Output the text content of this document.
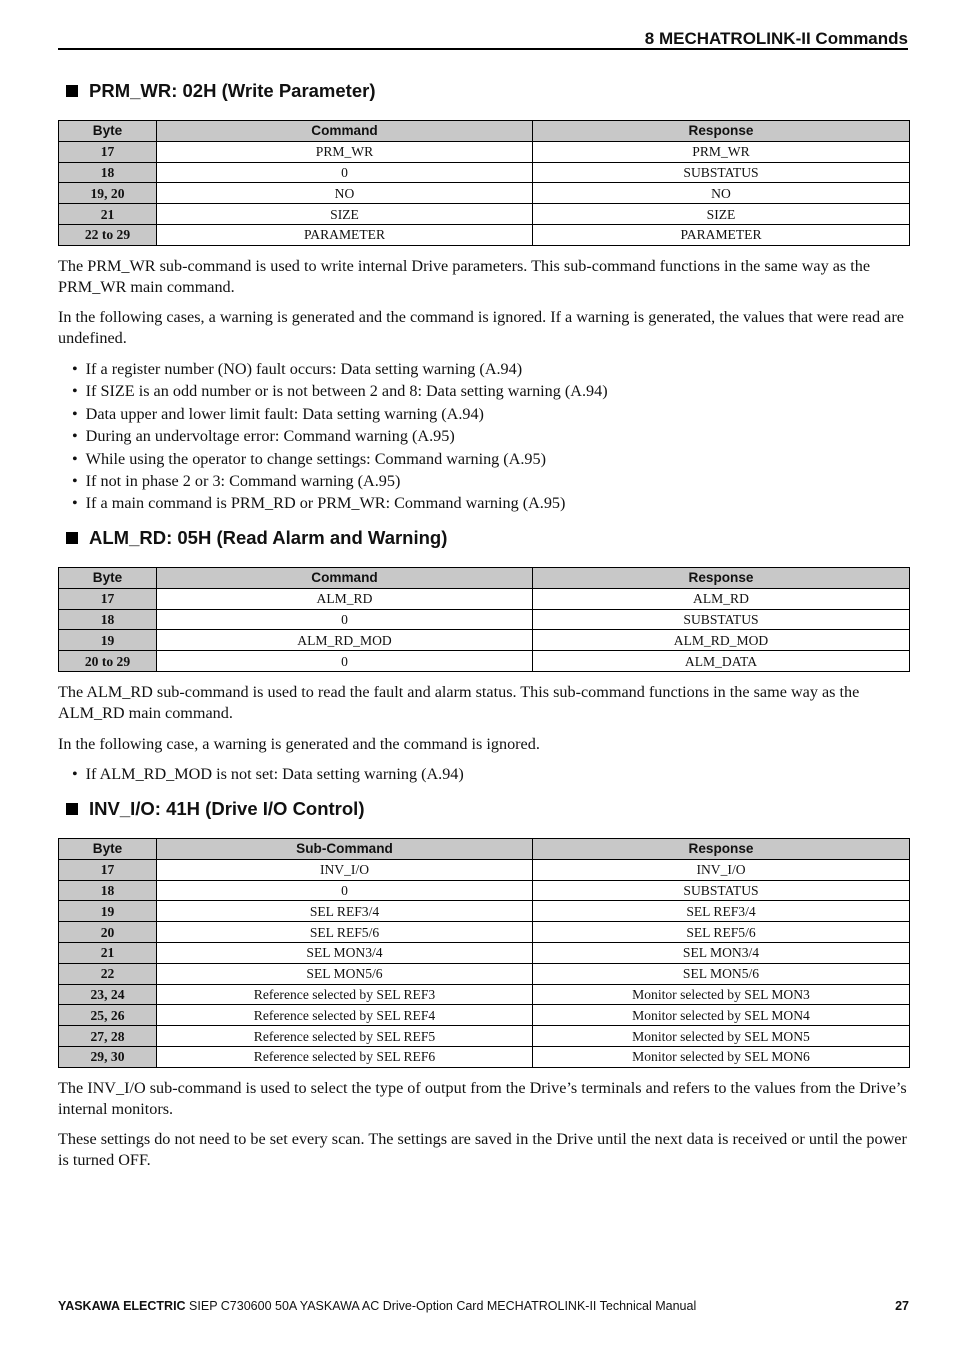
8 MECHATROLINK-II Commands
PRM_WR: 02H (Write Parameter)
Byte	Command	Response
17	PRM_WR	PRM_WR
18	0	SUBSTATUS
19, 20	NO	NO
21	SIZE	SIZE
22 to 29	PARAMETER	PARAMETER

The PRM_WR sub-command is used to write internal Drive parameters. This sub-command functions in the same way as the PRM_WR main command.

In the following cases, a warning is generated and the command is ignored. If a warning is generated, the values that were read are undefined.

• If a register number (NO) fault occurs: Data setting warning (A.94)
• If SIZE is an odd number or is not between 2 and 8: Data setting warning (A.94)
• Data upper and lower limit fault: Data setting warning (A.94)
• During an undervoltage error: Command warning (A.95)
• While using the operator to change settings: Command warning (A.95)
• If not in phase 2 or 3: Command warning (A.95)
• If a main command is PRM_RD or PRM_WR: Command warning (A.95)
ALM_RD: 05H (Read Alarm and Warning)
Byte	Command	Response
17	ALM_RD	ALM_RD
18	0	SUBSTATUS
19	ALM_RD_MOD	ALM_RD_MOD
20 to 29	0	ALM_DATA

The ALM_RD sub-command is used to read the fault and alarm status. This sub-command functions in the same way as the ALM_RD main command.

In the following case, a warning is generated and the command is ignored.

• If ALM_RD_MOD is not set: Data setting warning (A.94)
INV_I/O: 41H (Drive I/O Control)
Byte	Sub-Command	Response
17	INV_I/O	INV_I/O
18	0	SUBSTATUS
19	SEL REF3/4	SEL REF3/4
20	SEL REF5/6	SEL REF5/6
21	SEL MON3/4	SEL MON3/4
22	SEL MON5/6	SEL MON5/6
23, 24	Reference selected by SEL REF3	Monitor selected by SEL MON3
25, 26	Reference selected by SEL REF4	Monitor selected by SEL MON4
27, 28	Reference selected by SEL REF5	Monitor selected by SEL MON5
29, 30	Reference selected by SEL REF6	Monitor selected by SEL MON6

The INV_I/O sub-command is used to select the type of output from the Drive’s terminals and refers to the values from the Drive’s internal monitors.

These settings do not need to be set every scan. The settings are saved in the Drive until the next data is received or until the power is turned OFF.

YASKAWA ELECTRIC SIEP C730600 50A YASKAWA AC Drive-Option Card MECHATROLINK-II Technical Manual	27
